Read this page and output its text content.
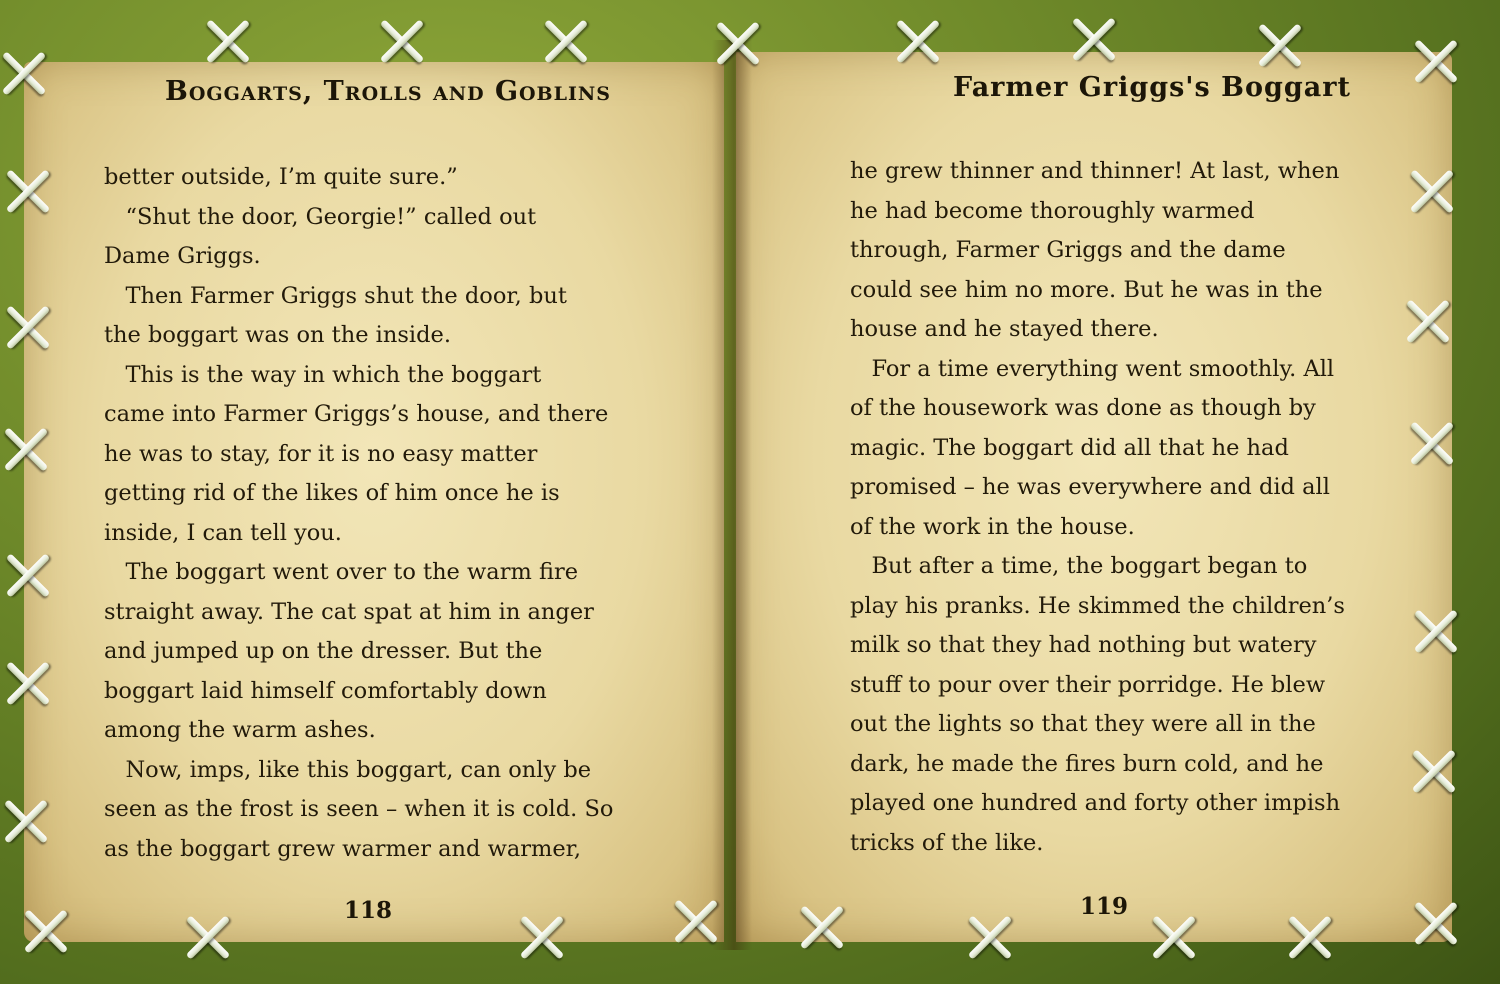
Boggarts, Trolls and Goblins	Farmer Griggs's Boggart
better outside, I’m quite sure.”
“Shut the door, Georgie!” called out
Dame Griggs.
Then Farmer Griggs shut the door, but
the boggart was on the inside.
This is the way in which the boggart
came into Farmer Griggs’s house, and there
he was to stay, for it is no easy matter
getting rid of the likes of him once he is
inside, I can tell you.
The boggart went over to the warm fire
straight away. The cat spat at him in anger
and jumped up on the dresser. But the
boggart laid himself comfortably down
among the warm ashes.
Now, imps, like this boggart, can only be
seen as the frost is seen – when it is cold. So
as the boggart grew warmer and warmer,
he grew thinner and thinner! At last, when
he had become thoroughly warmed
through, Farmer Griggs and the dame
could see him no more. But he was in the
house and he stayed there.
For a time everything went smoothly. All
of the housework was done as though by
magic. The boggart did all that he had
promised – he was everywhere and did all
of the work in the house.
But after a time, the boggart began to
play his pranks. He skimmed the children’s
milk so that they had nothing but watery
stuff to pour over their porridge. He blew
out the lights so that they were all in the
dark, he made the fires burn cold, and he
played one hundred and forty other impish
tricks of the like.
118	119
